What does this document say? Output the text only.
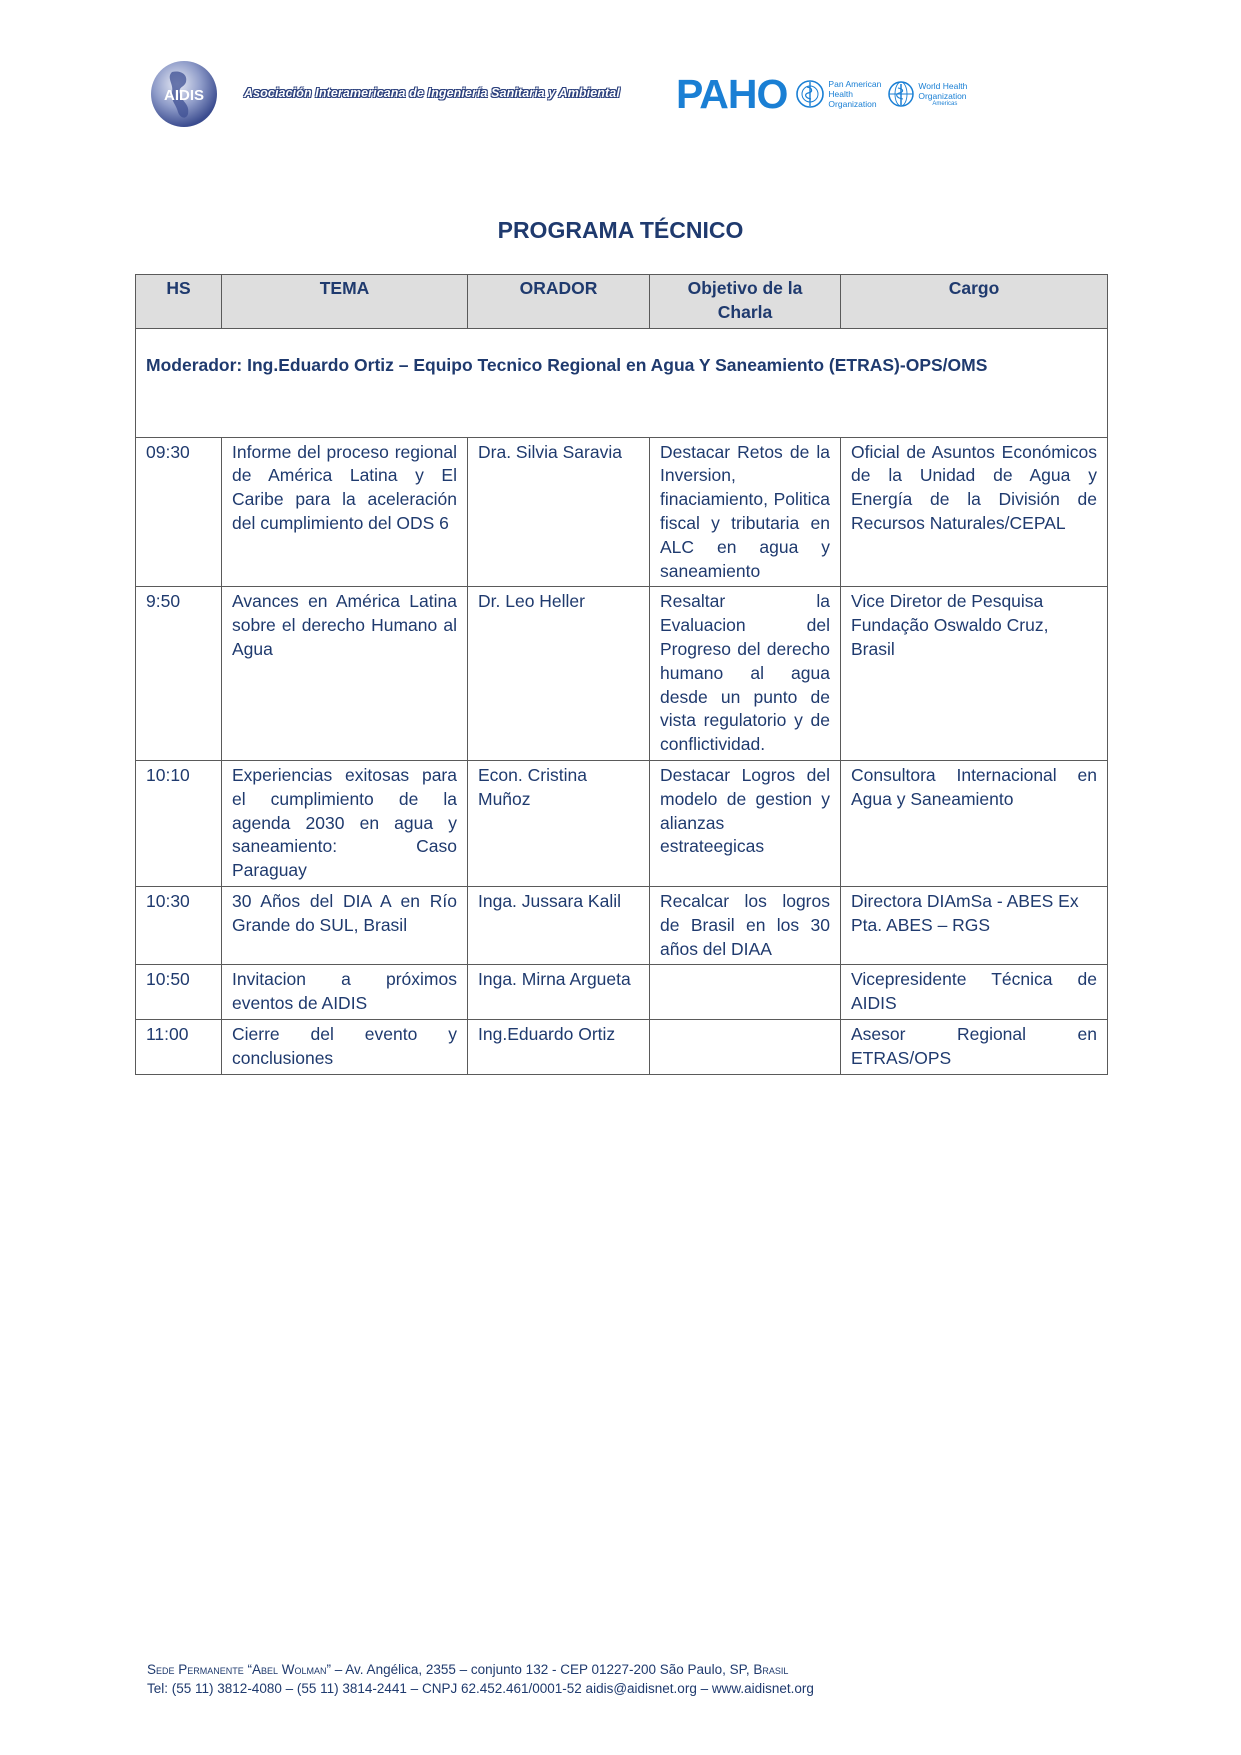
AIDIS	Asociación Interamericana de Ingeniería Sanitaria y Ambiental PAHO	Pan American
Health
Organization
World Health
Organization
Americas
PROGRAMA TÉCNICO
HS	TEMA	ORADOR	Objetivo de la Charla	Cargo
Moderador: Ing.Eduardo Ortiz – Equipo Tecnico Regional en Agua Y Saneamiento (ETRAS)-OPS/OMS				
09:30	Informe del proceso regional de América Latina y El Caribe para la aceleración del cumplimiento del ODS 6	Dra. Silvia Saravia	Destacar Retos de la Inversion, finaciamiento, Politica fiscal y tributaria en ALC en agua y saneamiento	Oficial de Asuntos Económicos de la Unidad de Agua y Energía de la División de Recursos Naturales/CEPAL
9:50	Avances en América Latina sobre el derecho Humano al Agua	Dr. Leo Heller	Resaltar la Evaluacion del Progreso del derecho humano al agua desde un punto de vista regulatorio y de conflictividad.	Vice Diretor de Pesquisa Fundação Oswaldo Cruz, Brasil
10:10	Experiencias exitosas para el cumplimiento de la agenda 2030 en agua y saneamiento: Caso Paraguay	Econ. Cristina Muñoz	Destacar Logros del modelo de gestion y alianzas estrateegicas	Consultora Internacional en Agua y Saneamiento
10:30	30 Años del DIA A en Río Grande do SUL, Brasil	Inga. Jussara Kalil	Recalcar los logros de Brasil en los 30 años del DIAA	Directora DIAmSa - ABES Ex Pta. ABES – RGS
10:50	Invitacion a próximos eventos de AIDIS	Inga. Mirna Argueta		Vicepresidente Técnica de AIDIS
11:00	Cierre del evento y conclusiones	Ing.Eduardo Ortiz		Asesor Regional en ETRAS/OPS
Sede Permanente “Abel Wolman” – Av. Angélica, 2355 – conjunto 132 - CEP 01227-200 São Paulo, SP, Brasil
Tel: (55 11) 3812-4080 – (55 11) 3814-2441 – CNPJ 62.452.461/0001-52 aidis@aidisnet.org – www.aidisnet.org
